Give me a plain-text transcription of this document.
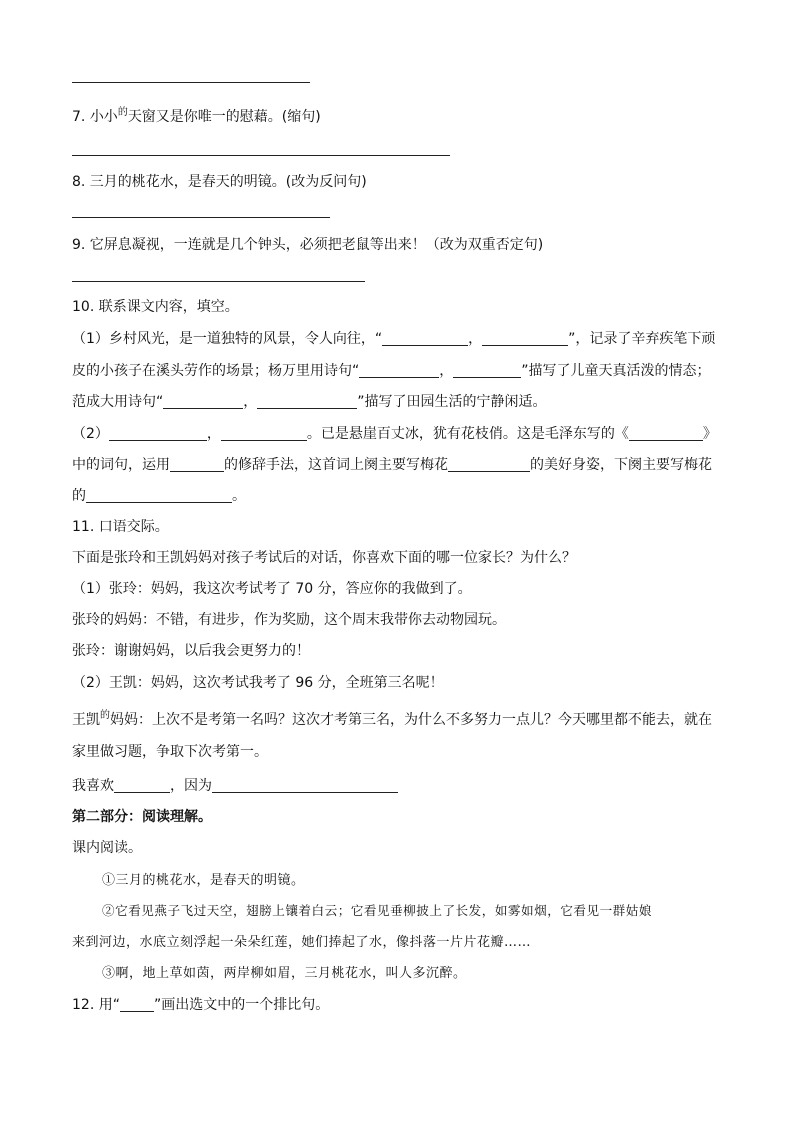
7. 小小$^的$天窗又是你唯一的慰藉。(缩句)
8. 三月的桃花水，是春天的明镜。(改为反问句)
9. 它屏息凝视，一连就是几个钟头，必须把老鼠等出来！（改为双重否定句)
10. 联系课文内容，填空。
（1）乡村风光，是一道独特的风景，令人向往，“	，	”，记录了辛弃疾笔下顽
皮的小孩子在溪头劳作的场景；杨万里用诗句“	，	”描写了儿童天真活泼的情态；
范成大用诗句“	，	”描写了田园生活的宁静闲适。
（2）	，	。已是悬崖百丈冰，犹有花枝俏。这是毛泽东写的《	》
中的词句，运用	的修辞手法，这首词上阕主要写梅花	的美好身姿，下阕主要写梅花
的	。
11. 口语交际。
下面是张玲和王凯妈妈对孩子考试后的对话，你喜欢下面的哪一位家长？为什么？
（1）张玲：妈妈，我这次考试考了 70 分，答应你的我做到了。
张玲的妈妈：不错，有进步，作为奖励，这个周末我带你去动物园玩。
张玲：谢谢妈妈，以后我会更努力的！
（2）王凯：妈妈，这次考试我考了 96 分，全班第三名呢！
王凯$^的$妈妈：上次不是考第一名吗？这次才考第三名，为什么不多努力一点儿？今天哪里都不能去，就在
家里做习题，争取下次考第一。
我喜欢	，因为
第二部分：阅读理解。
课内阅读。
①三月的桃花水，是春天的明镜。
②它看见燕子飞过天空，翅膀上镶着白云；它看见垂柳披上了长发，如雾如烟，它看见一群姑娘
来到河边，水底立刻浮起一朵朵红莲，她们捧起了水，像抖落一片片花瓣……
③啊，地上草如茵，两岸柳如眉，三月桃花水，叫人多沉醉。
12. 用“ ”画出选文中的一个排比句。
